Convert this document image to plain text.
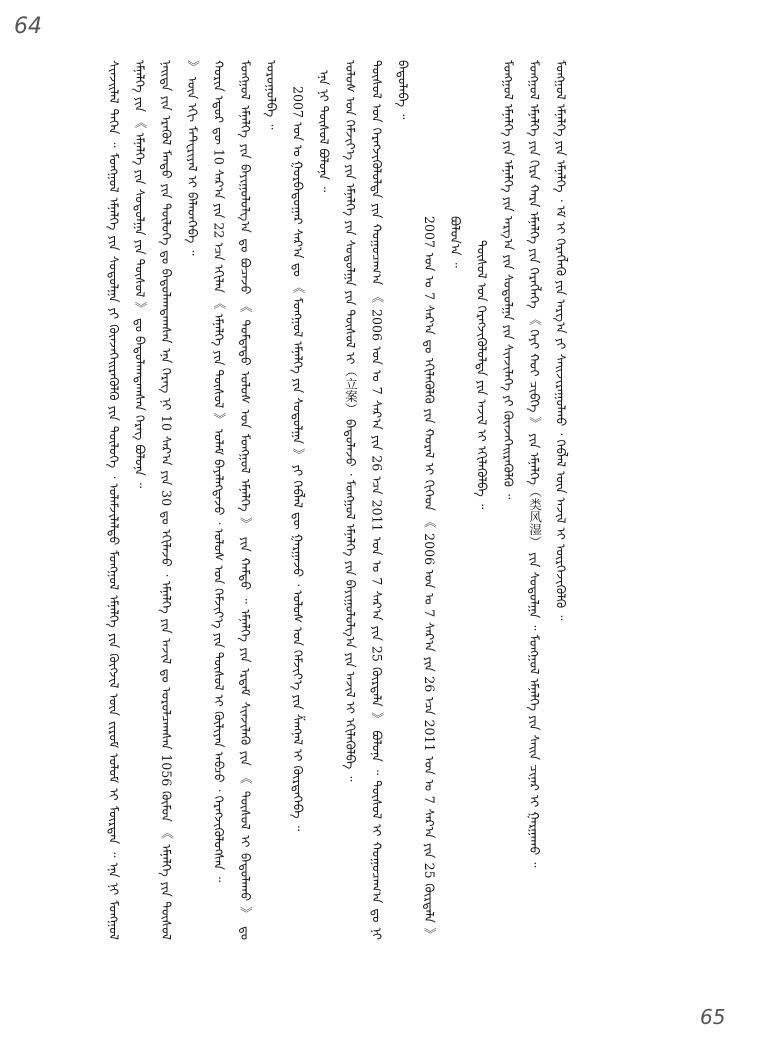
64

ᠰᠢᠨᠵᠢ᠌ᠯᠡᠯ ᠳᠡᠭᠡᠨ ᠃ ᠮᠣᠩᠭᠣᠯ ᠡᠮᠨᠡᠯᠭᠡ ᠶᠢᠨ ᠰᠤᠳᠤᠯᠭᠠ ᠶᠢ ᠭᠦᠨᠵᠡᠭᠡᠢᠷᠡᠭᠦᠯᠬᠦ ᠶᠢᠨ ᠲᠥᠯᠥᠭᠡ ᠂ ᠤᠯᠠᠮᠵᠢᠯᠠᠯᠲᠤ ᠮᠣᠩᠭᠣᠯ ᠡᠮᠨᠡᠯᠭᠡ ᠶᠢᠨ ᠬᠥᠭᠵᠢᠯ ᠦᠨ ᠵᠢᠷᠤᠮ ᠤᠯᠤᠮ ᠢ ᠮᠥᠷᠳᠡᠨ ᠃ ᠡᠨᠡ ᠨᠢ ᠮᠣᠩᠭᠣᠯ ᠡᠮᠨᠡᠯᠭᠡ ᠶᠢᠨ 《 ᠡᠮᠨᠡᠯᠭᠡ ᠶᠢᠨ ᠰᠤᠳᠤᠯᠭᠠ ᠶᠢᠨ ᠲᠥᠰᠥᠯ 》 ᠳᠤ ᠪᠠᠳᠤᠯᠠᠭᠳᠠᠭᠰᠠᠨ ᠬᠡᠷᠡᠭ ᠪᠣᠯᠤᠨᠠ ᠃ ᠨᠡᠢᠲᠡ ᠶᠢᠨ ᠡᠷᠡᠭᠦᠯ ᠮᠡᠨᠳᠦ ᠶᠢᠨ ᠲᠥᠯᠥᠭᠡ ᠳᠤ ᠪᠠᠳᠤᠯᠠᠭᠳᠠᠭᠰᠠᠨ ᠡᠨᠡ ᠬᠡᠷᠡᠭ ᠨᠢ 10 ᠰᠠᠷ᠎ᠠ ᠶᠢᠨ 30 ᠳᠤ ᠡᠬᠢᠯᠡᠵᠦ ᠂ ᠡᠮᠨᠡᠯᠭᠡ ᠶᠢᠨ ᠠᠵᠢᠯ ᠳᠤ ᠣᠷᠣᠯᠴᠠᠭᠰᠠᠨ 1056 ᠬᠦᠮᠦᠨ 《 ᠡᠮᠨᠡᠯᠭᠡ ᠶᠢᠨ ᠲᠥᠰᠥᠯ 》 ᠦᠨ ᠡᠬᠢ ᠮᠠᠲ᠋ᠧᠷᠢᠶᠠᠯ ᠢ ᠪᠡᠯᠡᠳᠬᠡᠪᠡ ᠃ ᠬᠣᠷᠢᠨ ᠡᠳᠦᠷ ᠳᠦ 10 ᠰᠠᠷ᠎ᠠ ᠶᠢᠨ 22 ᠡᠴᠡ ᠡᠬᠢᠯᠡᠨ 《 ᠡᠮᠨᠡᠯᠭᠡ ᠶᠢᠨ ᠲᠥᠰᠥᠯ 》 ᠤᠯᠠᠮ ᠪᠡᠶᠡᠯᠡᠭᠳᠡᠵᠦ ᠂ ᠤᠯᠤᠰ ᠤᠨ ᠬᠡᠮᠵᠢᠶ᠎ᠡ ᠶᠢᠨ ᠲᠥᠰᠥᠯ ᠢ ᠬᠦᠯᠢᠶᠡᠨ ᠠᠪᠴᠤ ᠂ ᠬᠡᠷᠡᠭᠵᠢᠭᠦᠯᠦᠭᠰᠡᠨ ᠃ ᠮᠣᠩᠭᠣᠯ ᠡᠮᠨᠡᠯᠭᠡ ᠶᠢᠨ ᠪᠠᠶᠢᠭᠤᠯᠤᠯᠭ᠎ᠠ ᠳᠤ ᠪᠤᠴᠠᠵᠤ 《 ᠳᠤᠮᠳᠠᠳᠤ ᠤᠯᠤᠰ ᠤᠨ ᠮᠣᠩᠭᠣᠯ ᠡᠮᠨᠡᠯᠭᠡ 》 ᠶᠢᠨ ᠬᠠᠮᠲᠤ ᠃ ᠡᠮᠨᠡᠯᠭᠡ ᠶᠢᠨ ᠡᠷᠳᠡᠮ ᠰᠢᠨᠵᠢᠯᠡᠬᠦ ᠶᠢᠨ 《 ᠲᠥᠰᠥᠯ ᠢ ᠪᠠᠲᠤᠯᠠᠬᠤ 》 ᠳᠤ ᠣᠷᠣᠭᠤᠯᠪᠠ ᠃ 2007 ᠣᠨ ᠤ ᠭᠤᠷᠪᠠᠳᠤᠭᠠᠷ ᠰᠠᠷ᠎ᠠ ᠳᠤ 《 ᠮᠣᠩᠭᠣᠯ ᠡᠮᠨᠡᠯᠭᠡ ᠶᠢᠨ ᠰᠤᠳᠤᠯᠭᠠ 》 ᠶᠢ ᠬᠡᠪᠯᠡᠯ ᠳᠦ ᠭᠠᠷᠭᠠᠵᠤ ᠂ ᠤᠯᠤᠰ ᠤᠨ ᠬᠡᠮᠵᠢᠶ᠎ᠡ ᠶᠢᠨ ᠱᠠᠩᠨᠠᠯ ᠢ ᠬᠦᠷᠲᠡᠭᠡᠪᠡ ᠃ ᠡᠨᠡ ᠨᠢ ᠲᠥᠰᠥᠯ ᠪᠣᠯᠤᠨᠠ ᠃ ᠤᠯᠤᠰ ᠤᠨ ᠬᠡᠮᠵᠢᠶ᠎ᠡ ᠶᠢᠨ ᠡᠮᠨᠡᠯᠭᠡ ᠶᠢᠨ ᠰᠤᠳᠤᠯᠭᠠ ᠶᠢᠨ ᠲᠥᠰᠥᠯ ᠢ（立案） ᠪᠠᠲᠤᠯᠠᠵᠤ ᠂ ᠮᠣᠩᠭᠣᠯ ᠡᠮᠨᠡᠯᠭᠡ ᠶᠢᠨ ᠪᠠᠶᠢᠭᠤᠯᠤᠯᠭ᠎ᠠ ᠶᠢᠨ ᠠᠵᠢᠯ ᠢ ᠡᠬᠢᠯᠡᠭᠦᠯᠪᠡ ᠃ ᠲᠥᠰᠥᠯ ᠤᠨ ᠬᠡᠷᠡᠭᠵᠢᠭᠦᠯᠦᠯᠲᠡ ᠶᠢᠨ ᠬᠤᠭᠤᠴᠠᠭ᠎ᠠ 《 2006 ᠣᠨ ᠤ 7 ᠰᠠᠷ᠎ᠠ ᠶᠢᠨ 26 ᠡᠴᠡ 2011 ᠣᠨ ᠤ 7 ᠰᠠᠷ᠎ᠠ ᠶᠢᠨ 25 ᠬᠦᠷᠲᠡᠯᠡ 》 ᠪᠣᠯᠤᠨᠠ ᠃ ᠲᠥᠰᠥᠯ ᠢ ᠬᠤᠭᠤᠴᠠᠭ᠎ᠠ ᠳᠤ ᠨᠢ ᠪᠠᠲᠤᠯᠠᠪᠠ ᠃

2007 ᠣᠨ ᠤ 7 ᠰᠠᠷ᠎ᠠ ᠳᠤ ᠡᠬᠢᠯᠡᠭᠦᠯᠬᠦ ᠶᠢᠨ ᠬᠤᠷᠠᠯ ᠢ ᠬᠢᠭᠡᠳ 《 2006 ᠣᠨ ᠤ 7 ᠰᠠᠷ᠎ᠠ ᠶᠢᠨ 26 ᠡᠴᠡ 2011 ᠣᠨ ᠤ 7 ᠰᠠᠷ᠎ᠠ ᠶᠢᠨ 25 ᠬᠦᠷᠲᠡᠯᠡ 》 ᠪᠤᠯᠤᠨ᠎ᠠ ᠃ ᠲᠥᠰᠥᠯ ᠤᠨ ᠬᠡᠷᠡᠭᠵᠢᠭᠦᠯᠦᠯᠲᠡ ᠶᠢᠨ ᠠᠵᠢᠯ ᠢ ᠡᠬᠢᠯᠡᠭᠦᠯᠪᠡ ᠃ ᠮᠣᠩᠭᠣᠯ ᠡᠮᠨᠡᠯᠭᠡ ᠶᠢᠨ ᠡᠮᠨᠡᠯᠭᠡ ᠶᠢᠨ ᠠᠷᠭ᠎ᠠ ᠶᠢᠨ ᠰᠤᠳᠤᠯᠭᠠ ᠶᠢᠨ ᠰᠢᠨᠵᠢᠯᠡᠭᠡ ᠶᠢ ᠭᠦᠨᠵᠡᠭᠡᠢᠷᠡᠭᠦᠯᠬᠦ ᠃ ᠮᠣᠩᠭᠣᠯ ᠡᠮᠨᠡᠯᠭᠡ ᠶᠢᠨ ᠬᠢᠷᠡ ᠬᠠᠷᠠ ᠡᠮᠨᠡᠯᠭᠡ ᠶᠢᠨ ᠬᠡᠷᠡᠭᠯᠡᠭᠡ 《 ᠬᠡᠶᠢ ᠬᠤᠢ ᠴᠢᠪᠬᠡ 》 ᠶᠢᠨ ᠡᠮᠨᠡᠯᠭᠡ（类风湿） ᠶᠢᠨ ᠰᠤᠳᠤᠯᠭᠠ ᠃ ᠮᠣᠩᠭᠣᠯ ᠡᠮᠨᠡᠯᠭᠡ ᠶᠢᠨ ᠰᠠᠢᠨ ᠴᠢᠨᠠᠷ ᠢ ᠭᠠᠷᠭᠠᠬᠤ ᠃ ᠮᠣᠩᠭᠣᠯ ᠡᠮᠨᠡᠯᠭᠡ ᠶᠢᠨ ᠡᠮᠨᠡᠯᠭᠡ ᠂ ᠡᠮ ᠢ ᠬᠡᠷᠡᠭᠯᠡᠬᠦ ᠶᠢᠨ ᠠᠷᠭ᠎ᠠ ᠶᠢ ᠰᠠᠢᠵᠢᠷᠠᠭᠤᠯᠬᠤ ᠂ ᠬᠡᠪᠯᠡᠯ ᠦᠨ ᠠᠵᠢᠯ ᠢ ᠥᠷᠭᠡᠵᠢᠭᠦᠯᠬᠦ ᠃

65
